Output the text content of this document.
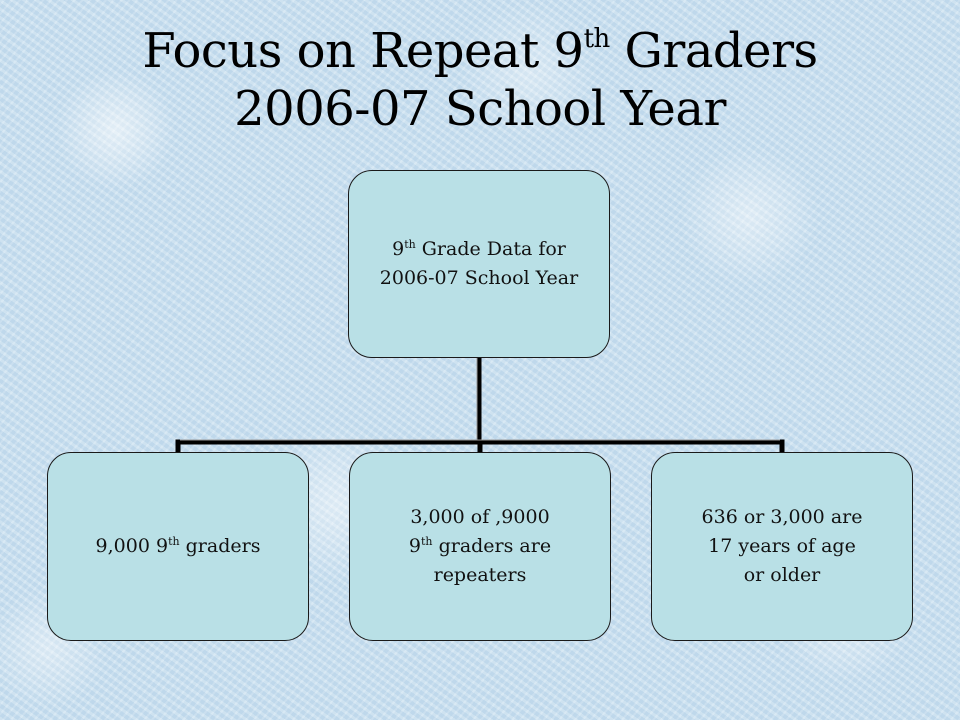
Focus on Repeat 9th Graders
2006-07 School Year
9th Grade Data for
2006-07 School Year
9,000 9th graders
3,000 of ,9000
9th graders are
repeaters
636 or 3,000 are
17 years of age
or older
